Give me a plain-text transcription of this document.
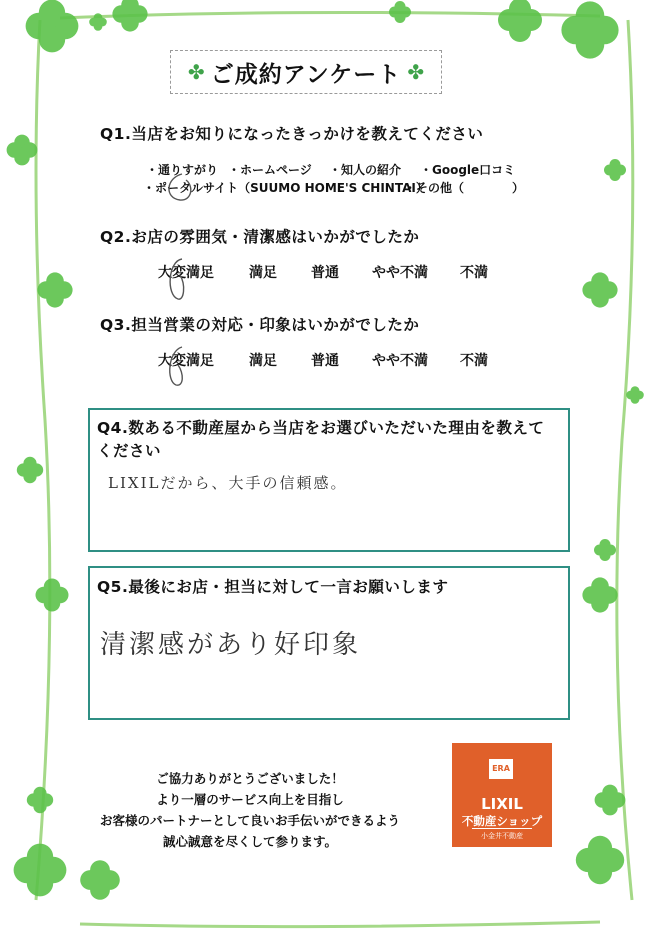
✤ ご成約アンケート ✤
Q1.当店をお知りになったきっかけを教えてください
・通りすがり ・ホームページ ・知人の紹介 ・Google口コミ
・ポータルサイト（SUUMO HOME'S CHINTAI）
・その他（　　　　）
Q2.お店の雰囲気・清潔感はいかがでしたか
大変満足	満足 普通 やや不満 不満
Q3.担当営業の対応・印象はいかがでしたか
大変満足	満足 普通 やや不満 不満
Q4.数ある不動産屋から当店をお選びいただいた理由を教えて
ください
LIXILだから、大手の信頼感。
Q5.最後にお店・担当に対して一言お願いします
清潔感があり好印象
ご協力ありがとうございました！
より一層のサービス向上を目指し
お客様のパートナーとして良いお手伝いができるよう
誠心誠意を尽くして参ります。
ERA
LIXIL
不動産ショップ
小金井不動産
